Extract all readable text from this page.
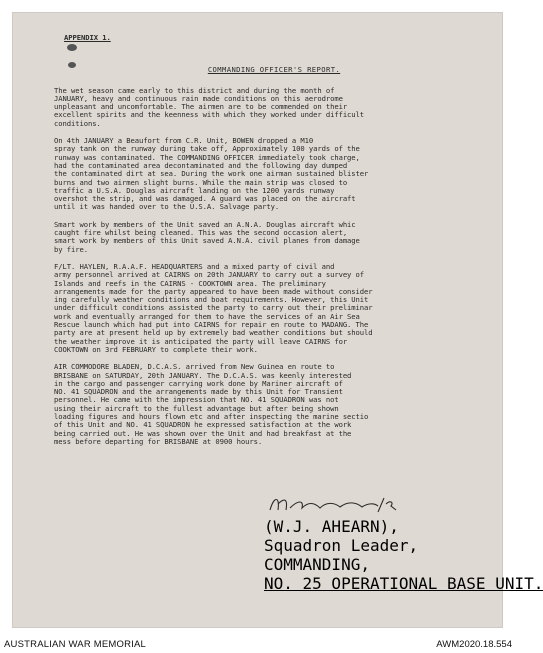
APPENDIX 1.
COMMANDING OFFICER'S REPORT.
The wet season came early to this district and during the month of
JANUARY, heavy and continuous rain made conditions on this aerodrome
unpleasant and uncomfortable. The airmen are to be commended on their
excellent spirits and the keenness with which they worked under difficult
conditions.
On 4th JANUARY a Beaufort from C.R. Unit, BOWEN dropped a M10
spray tank on the runway during take off, Approximately 100 yards of the
runway was contaminated. The COMMANDING OFFICER immediately took charge,
had the contaminated area decontaminated and the following day dumped
the contaminated dirt at sea. During the work one airman sustained blister
burns and two airmen slight burns. While the main strip was closed to
traffic a U.S.A. Douglas aircraft landing on the 1200 yards runway
overshot the strip, and was damaged. A guard was placed on the aircraft
until it was handed over to the U.S.A. Salvage party.
Smart work by members of the Unit saved an A.N.A. Douglas aircraft whic
caught fire whilst being cleaned. This was the second occasion alert,
smart work by members of this Unit saved A.N.A. civil planes from damage
by fire.
F/LT. HAYLEN, R.A.A.F. HEADQUARTERS and a mixed party of civil and
army personnel arrived at CAIRNS on 20th JANUARY to carry out a survey of
Islands and reefs in the CAIRNS - COOKTOWN area. The preliminary
arrangements made for the party appeared to have been made without consider
ing carefully weather conditions and boat requirements. However, this Unit
under difficult conditions assisted the party to carry out their preliminar
work and eventually arranged for them to have the services of an Air Sea
Rescue launch which had put into CAIRNS for repair en route to MADANG. The
party are at present held up by extremely bad weather conditions but should
the weather improve it is anticipated the party will leave CAIRNS for
COOKTOWN on 3rd FEBRUARY to complete their work.
AIR COMMODORE BLADEN, D.C.A.S. arrived from New Guinea en route to
BRISBANE on SATURDAY, 20th JANUARY. The D.C.A.S. was keenly interested
in the cargo and passenger carrying work done by Mariner aircraft of
NO. 41 SQUADRON and the arrangements made by this Unit for Transient
personnel. He came with the impression that NO. 41 SQUADRON was not
using their aircraft to the fullest advantage but after being shown
loading figures and hours flown etc and after inspecting the marine sectio
of this Unit and NO. 41 SQUADRON he expressed satisfaction at the work
being carried out. He was shown over the Unit and had breakfast at the
mess before departing for BRISBANE at 0900 hours.
(W.J. AHEARN),
Squadron Leader,
COMMANDING,
NO. 25 OPERATIONAL BASE UNIT.
AUSTRALIAN WAR MEMORIAL	AWM2020.18.554
